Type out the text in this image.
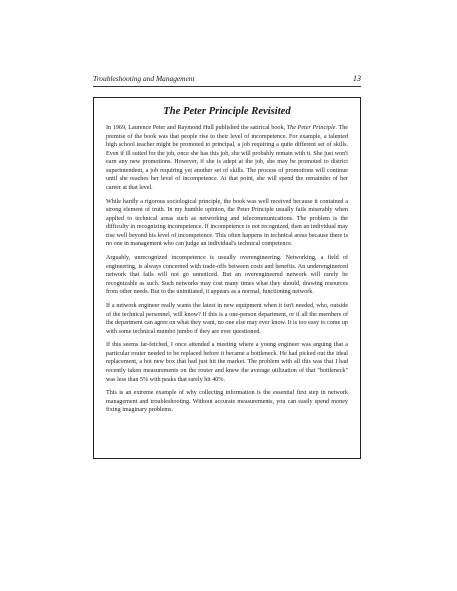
Troubleshooting and Management	13
The Peter Principle Revisited

In 1969, Laurence Peter and Raymond Hull published the satirical book, The Peter Principle. The premise of the book was that people rise to their level of incompetence. For example, a talented high school teacher might be promoted to principal, a job requiring a quite different set of skills. Even if ill suited for the job, once she has this job, she will probably remain with it. She just won't earn any new promotions. However, if she is adept at the job, she may be promoted to district superintendent, a job requiring yet another set of skills. The process of promotions will continue until she reaches her level of incompetence. At that point, she will spend the remainder of her career at that level.

While hardly a rigorous sociological principle, the book was well received because it contained a strong element of truth. In my humble opinion, the Peter Principle usually fails miserably when applied to technical areas such as networking and telecommunications. The problem is the difficulty in recognizing incompetence. If incompetence is not recognized, then an individual may rise well beyond his level of incompetence. This often happens in technical areas because there is no one in management who can judge an individual's technical competence.

Arguably, unrecognized incompetence is usually overengineering. Networking, a field of engineering, is always concerned with trade-offs between costs and benefits. An underengineered network that fails will not go unnoticed. But an overengineered network will rarely be recognizable as such. Such networks may cost many times what they should, drawing resources from other needs. But to the uninitiated, it appears as a normal, functioning network.

If a network engineer really wants the latest in new equipment when it isn't needed, who, outside of the technical personnel, will know? If this is a one-person department, or if all the members of the department can agree on what they want, no one else may ever know. It is too easy to come up with some technical mumbo jumbo if they are ever questioned.

If this seems far-fetched, I once attended a meeting where a young engineer was arguing that a particular router needed to be replaced before it became a bottleneck. He had picked out the ideal replacement, a hot new box that had just hit the market. The problem with all this was that I had recently taken measurements on the router and knew the average utilization of that "bottleneck" was less than 5% with peaks that rarely hit 40%.

This is an extreme example of why collecting information is the essential first step in network management and troubleshooting. Without accurate measurements, you can easily spend money fixing imaginary problems.
